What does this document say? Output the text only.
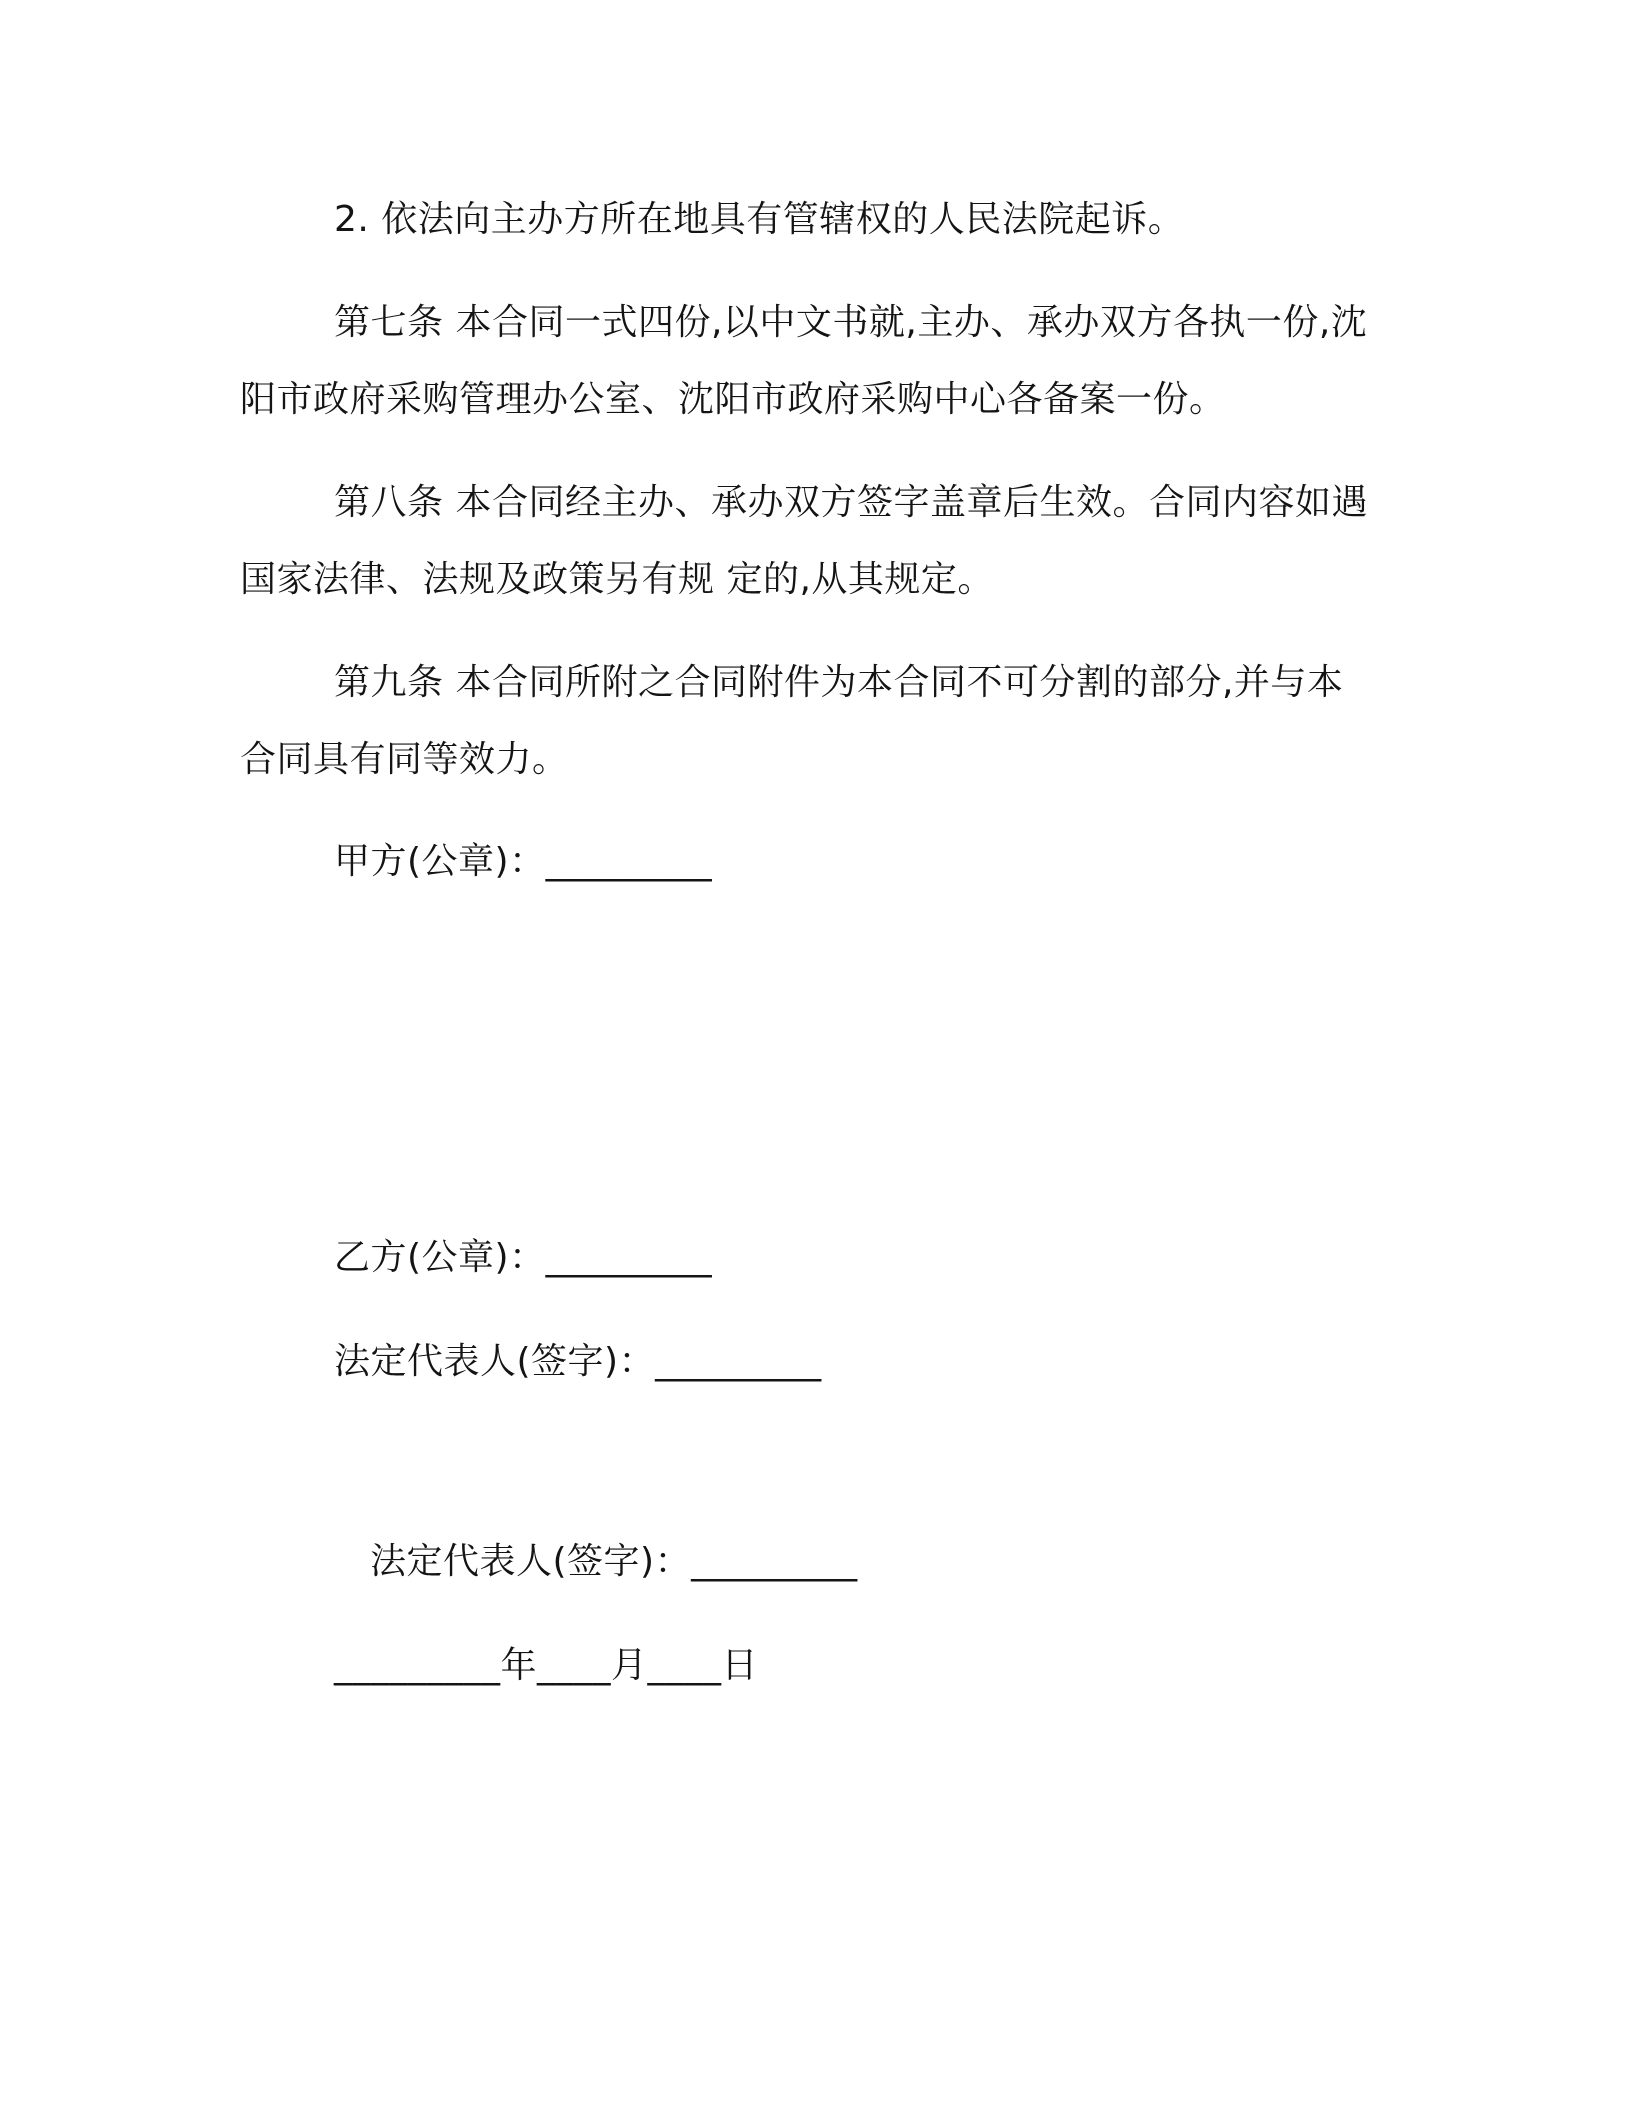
2. 依法向主办方所在地具有管辖权的人民法院起诉。
第七条 本合同一式四份,以中文书就,主办、承办双方各执一份,沈
阳市政府采购管理办公室、沈阳市政府采购中心各备案一份。
第八条 本合同经主办、承办双方签字盖章后生效。合同内容如遇
国家法律、法规及政策另有规 定的,从其规定。
第九条 本合同所附之合同附件为本合同不可分割的部分,并与本
合同具有同等效力。
甲方(公章)：_________
乙方(公章)：_________
法定代表人(签字)：_________
法定代表人(签字)：_________
_________年____月____日
